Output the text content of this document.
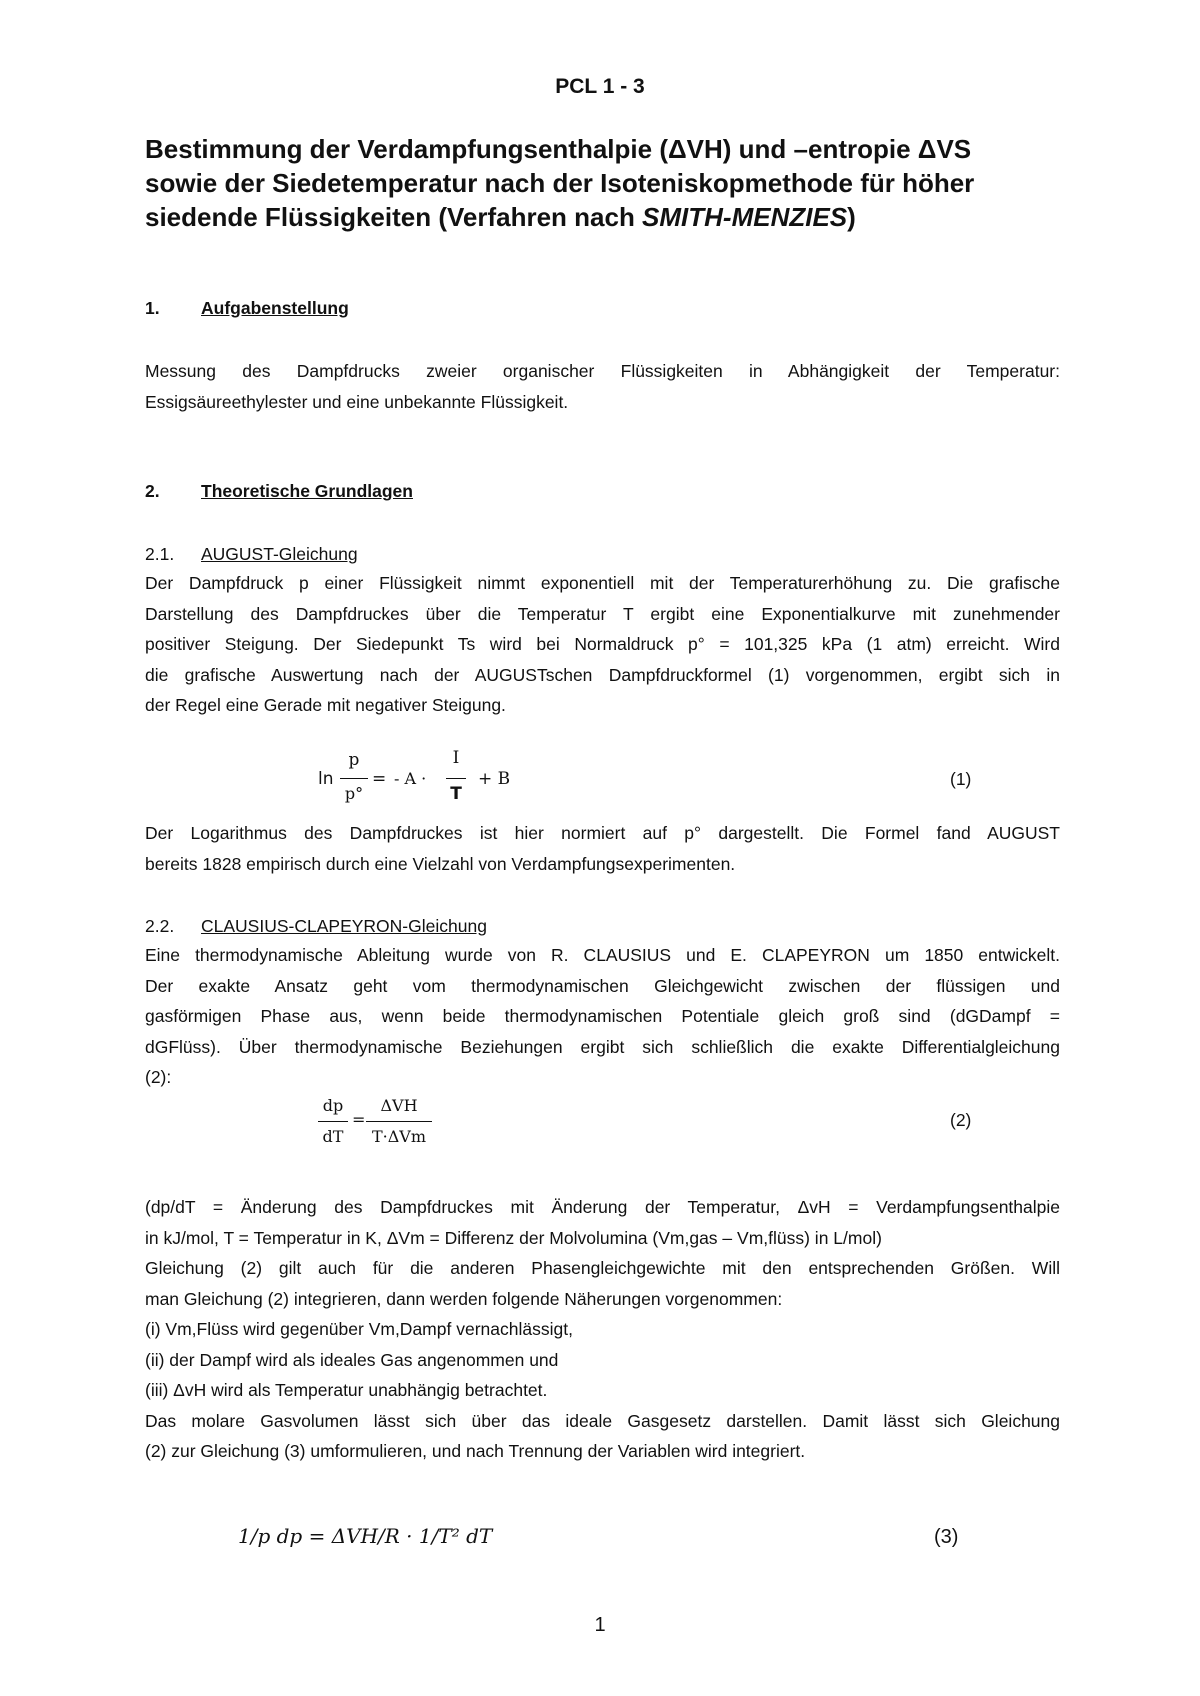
PCL 1 - 3
Bestimmung der Verdampfungsenthalpie (ΔVH) und –entropie ΔVS
sowie der Siedetemperatur nach der Isoteniskopmethode für höher
siedende Flüssigkeiten (Verfahren nach SMITH-MENZIES)
1. Aufgabenstellung
Messung des Dampfdrucks zweier organischer Flüssigkeiten in Abhängigkeit der Temperatur:
Essigsäureethylester und eine unbekannte Flüssigkeit.
2. Theoretische Grundlagen
2.1. AUGUST-Gleichung
Der Dampfdruck p einer Flüssigkeit nimmt exponentiell mit der Temperaturerhöhung zu. Die grafische
Darstellung des Dampfdruckes über die Temperatur T ergibt eine Exponentialkurve mit zunehmender
positiver Steigung. Der Siedepunkt Ts wird bei Normaldruck p° = 101,325 kPa (1 atm) erreicht. Wird
die grafische Auswertung nach der AUGUSTschen Dampfdruckformel (1) vorgenommen, ergibt sich in
der Regel eine Gerade mit negativer Steigung.
ln
p
p°
= - A ·
I
T
+ B	(1)
Der Logarithmus des Dampfdruckes ist hier normiert auf p° dargestellt. Die Formel fand AUGUST
bereits 1828 empirisch durch eine Vielzahl von Verdampfungsexperimenten.
2.2. CLAUSIUS-CLAPEYRON-Gleichung
Eine thermodynamische Ableitung wurde von R. CLAUSIUS und E. CLAPEYRON um 1850 entwickelt.
Der exakte Ansatz geht vom thermodynamischen Gleichgewicht zwischen der flüssigen und
gasförmigen Phase aus, wenn beide thermodynamischen Potentiale gleich groß sind (dGDampf =
dGFlüss). Über thermodynamische Beziehungen ergibt sich schließlich die exakte Differentialgleichung
(2):
dp
dT
=
ΔVH
T·ΔVm
(2)
(dp/dT = Änderung des Dampfdruckes mit Änderung der Temperatur, ΔvH = Verdampfungsenthalpie
in kJ/mol, T = Temperatur in K, ΔVm = Differenz der Molvolumina (Vm,gas – Vm,flüss) in L/mol)
Gleichung (2) gilt auch für die anderen Phasengleichgewichte mit den entsprechenden Größen. Will
man Gleichung (2) integrieren, dann werden folgende Näherungen vorgenommen:
(i) Vm,Flüss wird gegenüber Vm,Dampf vernachlässigt,
(ii) der Dampf wird als ideales Gas angenommen und
(iii) ΔvH wird als Temperatur unabhängig betrachtet.
Das molare Gasvolumen lässt sich über das ideale Gasgesetz darstellen. Damit lässt sich Gleichung
(2) zur Gleichung (3) umformulieren, und nach Trennung der Variablen wird integriert.
1/p dp = ΔVH/R · 1/T² dT	(3)
1
